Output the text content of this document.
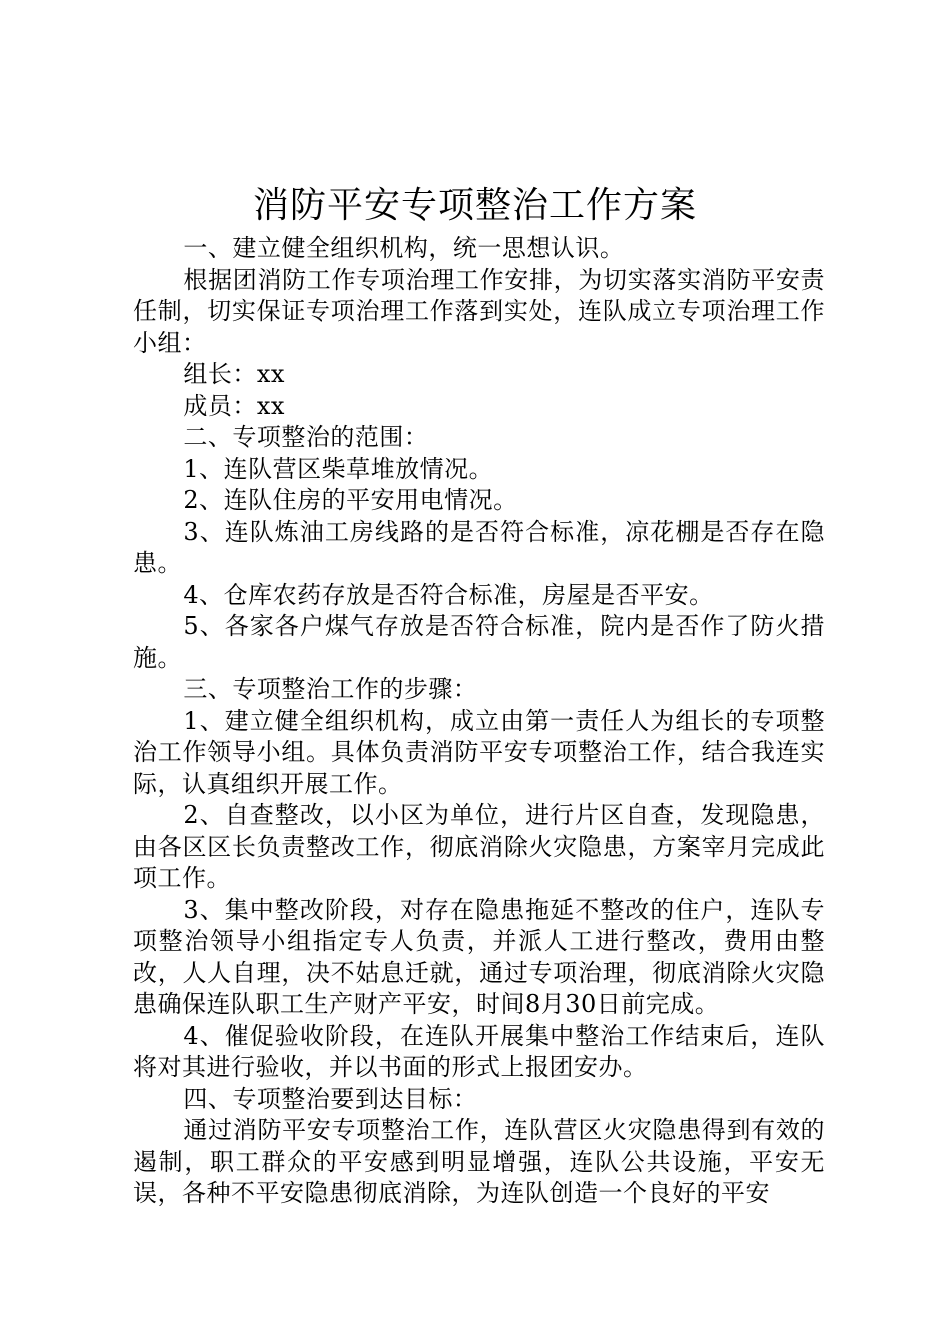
消防平安专项整治工作方案

一、建立健全组织机构，统一思想认识。

根据团消防工作专项治理工作安排，为切实落实消防平安责任制，切实保证专项治理工作落到实处，连队成立专项治理工作小组：

组长：xx

成员：xx

二、专项整治的范围：

1、连队营区柴草堆放情况。

2、连队住房的平安用电情况。

3、连队炼油工房线路的是否符合标准，凉花棚是否存在隐患。

4、仓库农药存放是否符合标准，房屋是否平安。

5、各家各户煤气存放是否符合标准，院内是否作了防火措施。

三、专项整治工作的步骤：

1、建立健全组织机构，成立由第一责任人为组长的专项整治工作领导小组。具体负责消防平安专项整治工作，结合我连实际，认真组织开展工作。

2、自查整改，以小区为单位，进行片区自查，发现隐患，由各区区长负责整改工作，彻底消除火灾隐患，方案宰月完成此项工作。

3、集中整改阶段，对存在隐患拖延不整改的住户，连队专项整治领导小组指定专人负责，并派人工进行整改，费用由整改，人人自理，决不姑息迁就，通过专项治理，彻底消除火灾隐患确保连队职工生产财产平安，时间8月30日前完成。

4、催促验收阶段，在连队开展集中整治工作结束后，连队将对其进行验收，并以书面的形式上报团安办。

四、专项整治要到达目标：

通过消防平安专项整治工作，连队营区火灾隐患得到有效的遏制，职工群众的平安感到明显增强，连队公共设施，平安无误，各种不平安隐患彻底消除，为连队创造一个良好的平安
